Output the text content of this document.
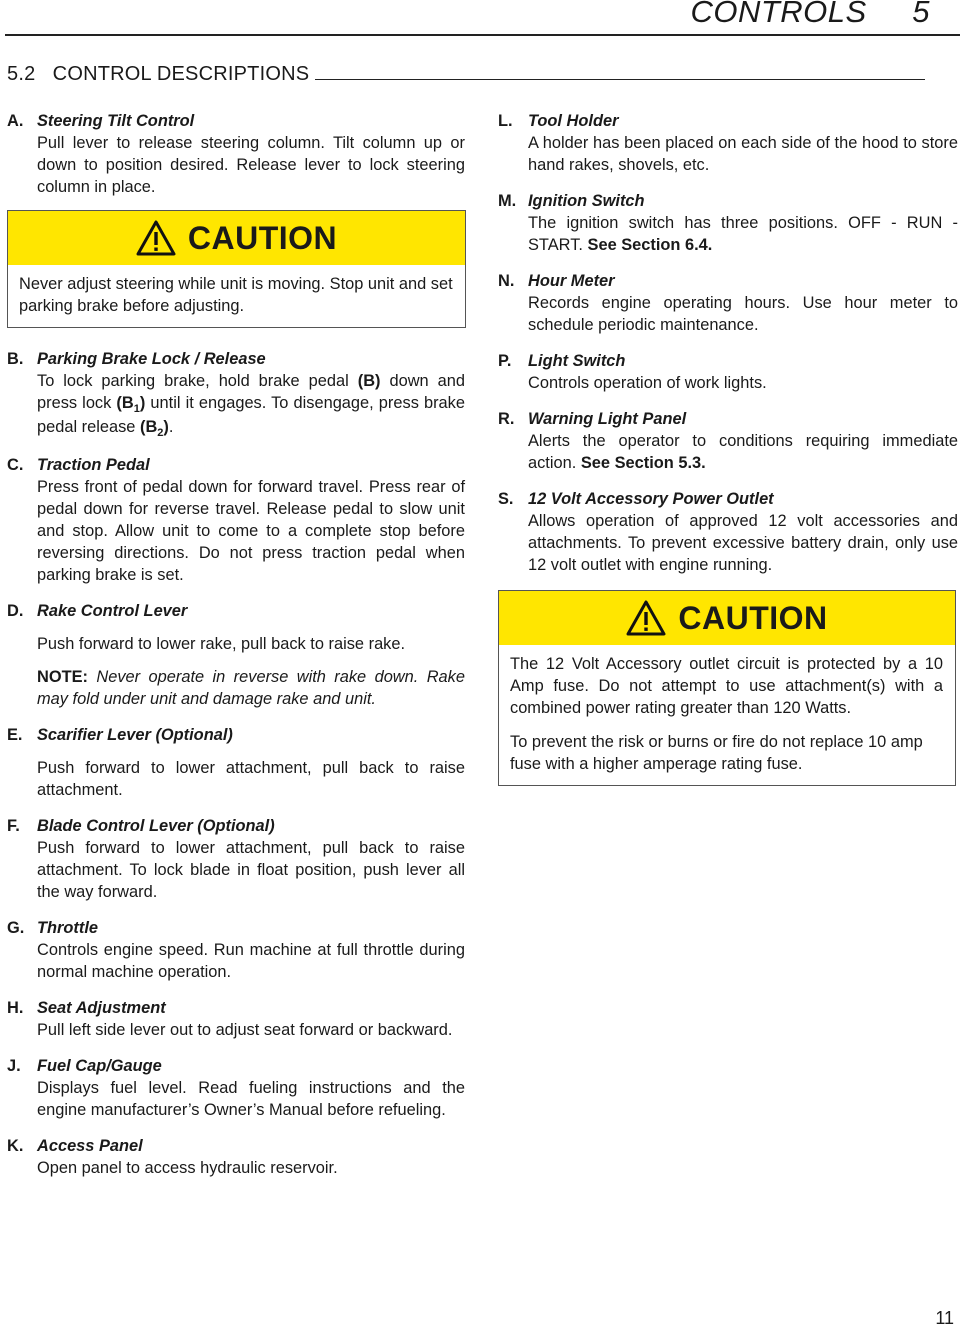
CONTROLS     5
5.2   CONTROL DESCRIPTIONS
A. Steering Tilt Control

Pull lever to release steering column. Tilt column up or down to position desired. Release lever to lock steering column in place.

CAUTION

Never adjust steering while unit is moving. Stop unit and set parking brake before adjusting.

B. Parking Brake Lock / Release

To lock parking brake, hold brake pedal (B) down and press lock $(B_1)$ until it engages. To disengage, press brake pedal release $(B_2)$.

C. Traction Pedal

Press front of pedal down for forward travel. Press rear of pedal down for reverse travel. Release pedal to slow unit and stop. Allow unit to come to a complete stop before reversing directions. Do not press traction pedal when parking brake is set.

D. Rake Control Lever

Push forward to lower rake, pull back to raise rake.

NOTE: Never operate in reverse with rake down. Rake may fold under unit and damage rake and unit.

E. Scarifier Lever (Optional)

Push forward to lower attachment, pull back to raise attachment.

F. Blade Control Lever (Optional)

Push forward to lower attachment, pull back to raise attachment. To lock blade in float position, push lever all the way forward.

G. Throttle

Controls engine speed. Run machine at full throttle during normal machine operation.

H. Seat Adjustment

Pull left side lever out to adjust seat forward or backward.

J. Fuel Cap/Gauge

Displays fuel level. Read fueling instructions and the engine manufacturer’s Owner’s Manual before refueling.

K. Access Panel

Open panel to access hydraulic reservoir.

L. Tool Holder

A holder has been placed on each side of the hood to store hand rakes, shovels, etc.

M. Ignition Switch

The ignition switch has three positions. OFF - RUN - START. See Section 6.4.

N. Hour Meter

Records engine operating hours. Use hour meter to schedule periodic maintenance.

P. Light Switch

Controls operation of work lights.

R. Warning Light Panel

Alerts the operator to conditions requiring immediate action. See Section 5.3.

S. 12 Volt Accessory Power Outlet

Allows operation of approved 12 volt accessories and attachments. To prevent excessive battery drain, only use 12 volt outlet with engine running.

CAUTION

The 12 Volt Accessory outlet circuit is protected by a 10 Amp fuse. Do not attempt to use attachment(s) with a combined power rating greater than 120 Watts.

To prevent the risk or burns or fire do not replace 10 amp fuse with a higher amperage rating fuse.

11
